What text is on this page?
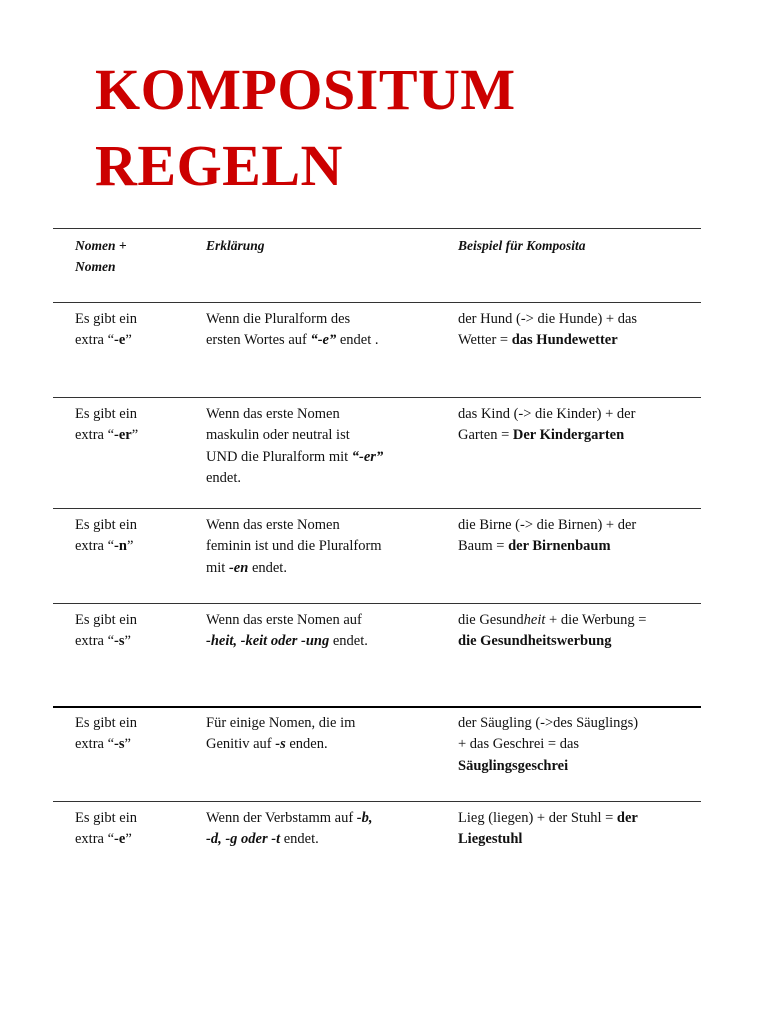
KOMPOSITUM
REGELN
Nomen +
Nomen
Erklärung	Beispiel für Komposita
Es gibt ein
extra “-e”
Wenn die Pluralform des
ersten Wortes auf “-e” endet .
der Hund (-> die Hunde) + das
Wetter = das Hundewetter
Es gibt ein
extra “-er”
Wenn das erste Nomen
maskulin oder neutral ist
UND die Pluralform mit “-er”
endet.
das Kind (-> die Kinder) + der
Garten = Der Kindergarten
Es gibt ein
extra “-n”
Wenn das erste Nomen
feminin ist und die Pluralform
mit -en endet.
die Birne (-> die Birnen) + der
Baum = der Birnenbaum
Es gibt ein
extra “-s”
Wenn das erste Nomen auf
-heit, -keit oder -ung endet.
die Gesundheit + die Werbung =
die Gesundheitswerbung
Es gibt ein
extra “-s”
Für einige Nomen, die im
Genitiv auf -s enden.
der Säugling (->des Säuglings)
+ das Geschrei = das
Säuglingsgeschrei
Es gibt ein
extra “-e”
Wenn der Verbstamm auf -b,
-d, -g oder -t endet.
Lieg (liegen) + der Stuhl = der
Liegestuhl
